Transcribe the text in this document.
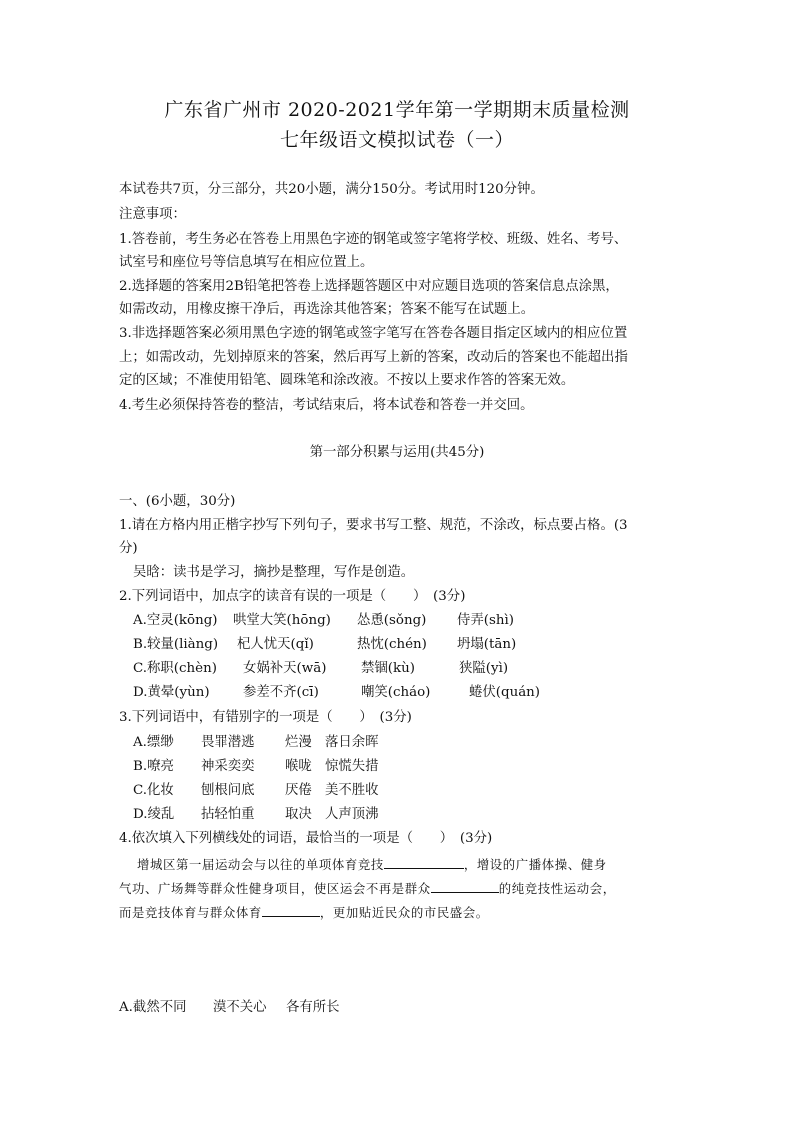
广东省广州市 2020-2021学年第一学期期末质量检测
七年级语文模拟试卷（一）
本试卷共7页，分三部分，共20小题，满分150分。考试用时120分钟。
注意事项：
1.答卷前，考生务必在答卷上用黑色字迹的钢笔或签字笔将学校、班级、姓名、考号、
试室号和座位号等信息填写在相应位置上。
2.选择题的答案用2B铅笔把答卷上选择题答题区中对应题目选项的答案信息点涂黑，
如需改动，用橡皮擦干净后，再选涂其他答案；答案不能写在试题上。
3.非选择题答案必须用黑色字迹的钢笔或签字笔写在答卷各题目指定区域内的相应位置
上；如需改动，先划掉原来的答案，然后再写上新的答案，改动后的答案也不能超出指
定的区域；不准使用铅笔、圆珠笔和涂改液。不按以上要求作答的答案无效。
4.考生必须保持答卷的整洁，考试结束后，将本试卷和答卷一并交回。
第一部分积累与运用(共45分)
一、(6小题，30分)
1.请在方格内用正楷字抄写下列句子，要求书写工整、规范，不涂改，标点要占格。(3
分)
吴晗：读书是学习，摘抄是整理，写作是创造。
2.下列词语中，加点字的读音有误的一项是（　　）　(3分)
A.空灵(kōng) 哄堂大笑(hōng) 怂恿(sǒng) 侍弄(shì)
B.较量(liàng) 杞人忧天(qǐ)	热忱(chén) 坍塌(tān)
C.称职(chèn) 女娲补天(wā)	禁锢(kù)	狭隘(yì)
D.黄晕(yùn) 参差不齐(cī)	嘲笑(cháo)	蜷伏(quán)
3.下列词语中，有错别字的一项是（　　）　(3分)
A.缥缈 畏罪潜逃 烂漫 落日余晖
B.嘹亮 神采奕奕 喉咙 惊慌失措
C.化妆 刨根问底 厌倦 美不胜收
D.绫乱 拈轻怕重 取决 人声顶沸
4.依次填入下列横线处的词语，最恰当的一项是（　　）　(3分)
增城区第一届运动会与以往的单项体育竞技	，增设的广播体操、健身
气功、广场舞等群众性健身项目，使区运会不再是群众	的纯竞技性运动会，
而是竞技体育与群众体育	，更加贴近民众的市民盛会。
A.截然不同 漠不关心 各有所长
